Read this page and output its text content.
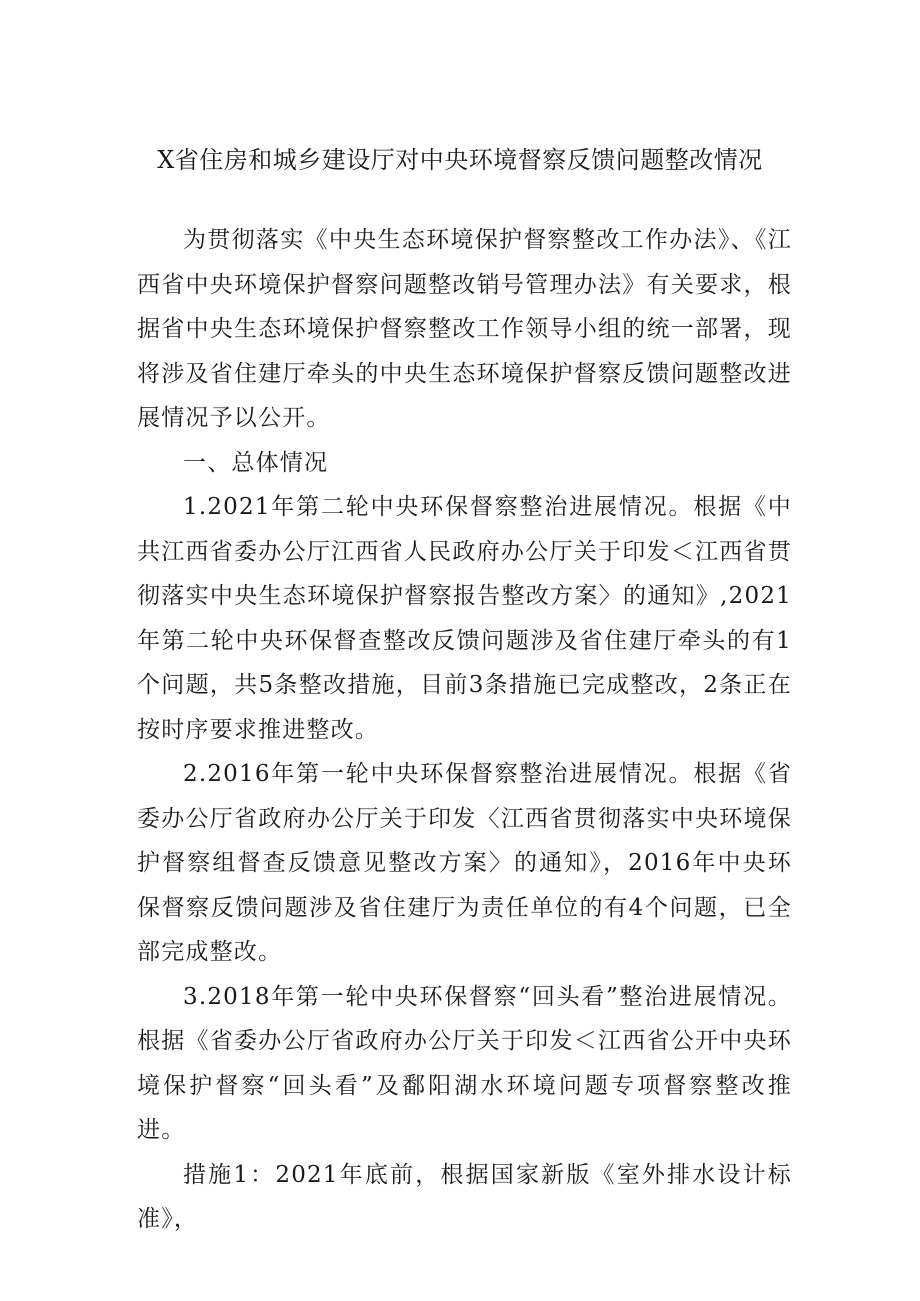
X省住房和城乡建设厅对中央环境督察反馈问题整改情况

为贯彻落实《中央生态环境保护督察整改工作办法》、《江西省中央环境保护督察问题整改销号管理办法》有关要求，根据省中央生态环境保护督察整改工作领导小组的统一部署，现将涉及省住建厅牵头的中央生态环境保护督察反馈问题整改进展情况予以公开。

一、总体情况

1.2021年第二轮中央环保督察整治进展情况。根据《中共江西省委办公厅江西省人民政府办公厅关于印发＜江西省贯彻落实中央生态环境保护督察报告整改方案〉的通知》,2021年第二轮中央环保督查整改反馈问题涉及省住建厅牵头的有1个问题，共5条整改措施，目前3条措施已完成整改，2条正在按时序要求推进整改。

2.2016年第一轮中央环保督察整治进展情况。根据《省委办公厅省政府办公厅关于印发〈江西省贯彻落实中央环境保护督察组督查反馈意见整改方案〉的通知》，2016年中央环保督察反馈问题涉及省住建厅为责任单位的有4个问题，已全部完成整改。

3.2018年第一轮中央环保督察“回头看”整治进展情况。根据《省委办公厅省政府办公厅关于印发＜江西省公开中央环境保护督察“回头看”及鄱阳湖水环境问题专项督察整改推进。

措施1：2021年底前，根据国家新版《室外排水设计标准》，
